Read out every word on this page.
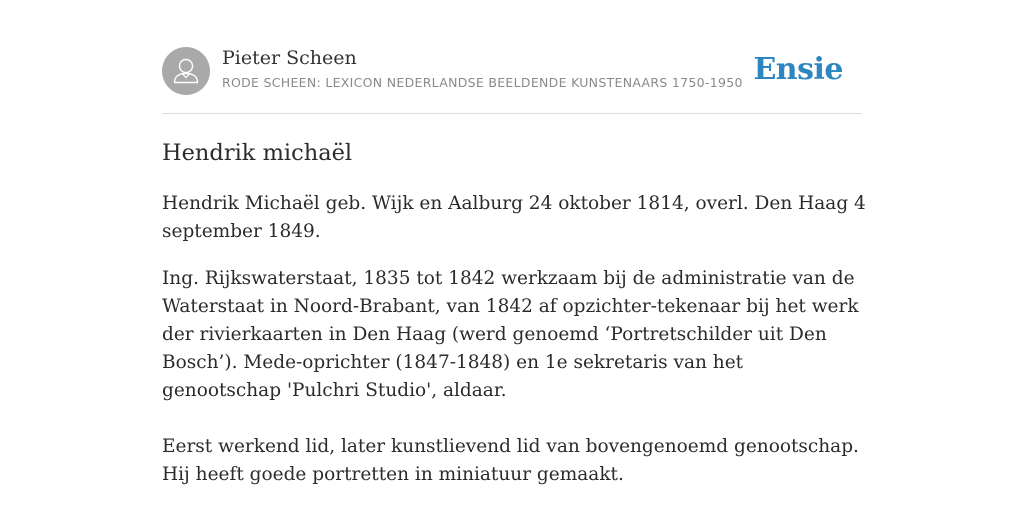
Pieter Scheen
RODE SCHEEN: LEXICON NEDERLANDSE BEELDENDE KUNSTENAARS 1750-1950 Ensie
Hendrik michaël

Hendrik Michaël geb. Wijk en Aalburg 24 oktober 1814, overl. Den Haag 4 september 1849.

Ing. Rijkswaterstaat, 1835 tot 1842 werkzaam bij de administratie van de Waterstaat in Noord-Brabant, van 1842 af opzichter-tekenaar bij het werk der rivierkaarten in Den Haag (werd genoemd ‘Portretschilder uit Den Bosch’). Mede-oprichter (1847-1848) en 1e sekretaris van het genootschap 'Pulchri Studio', aldaar.

Eerst werkend lid, later kunstlievend lid van bovengenoemd genootschap. Hij heeft goede portretten in miniatuur gemaakt.
